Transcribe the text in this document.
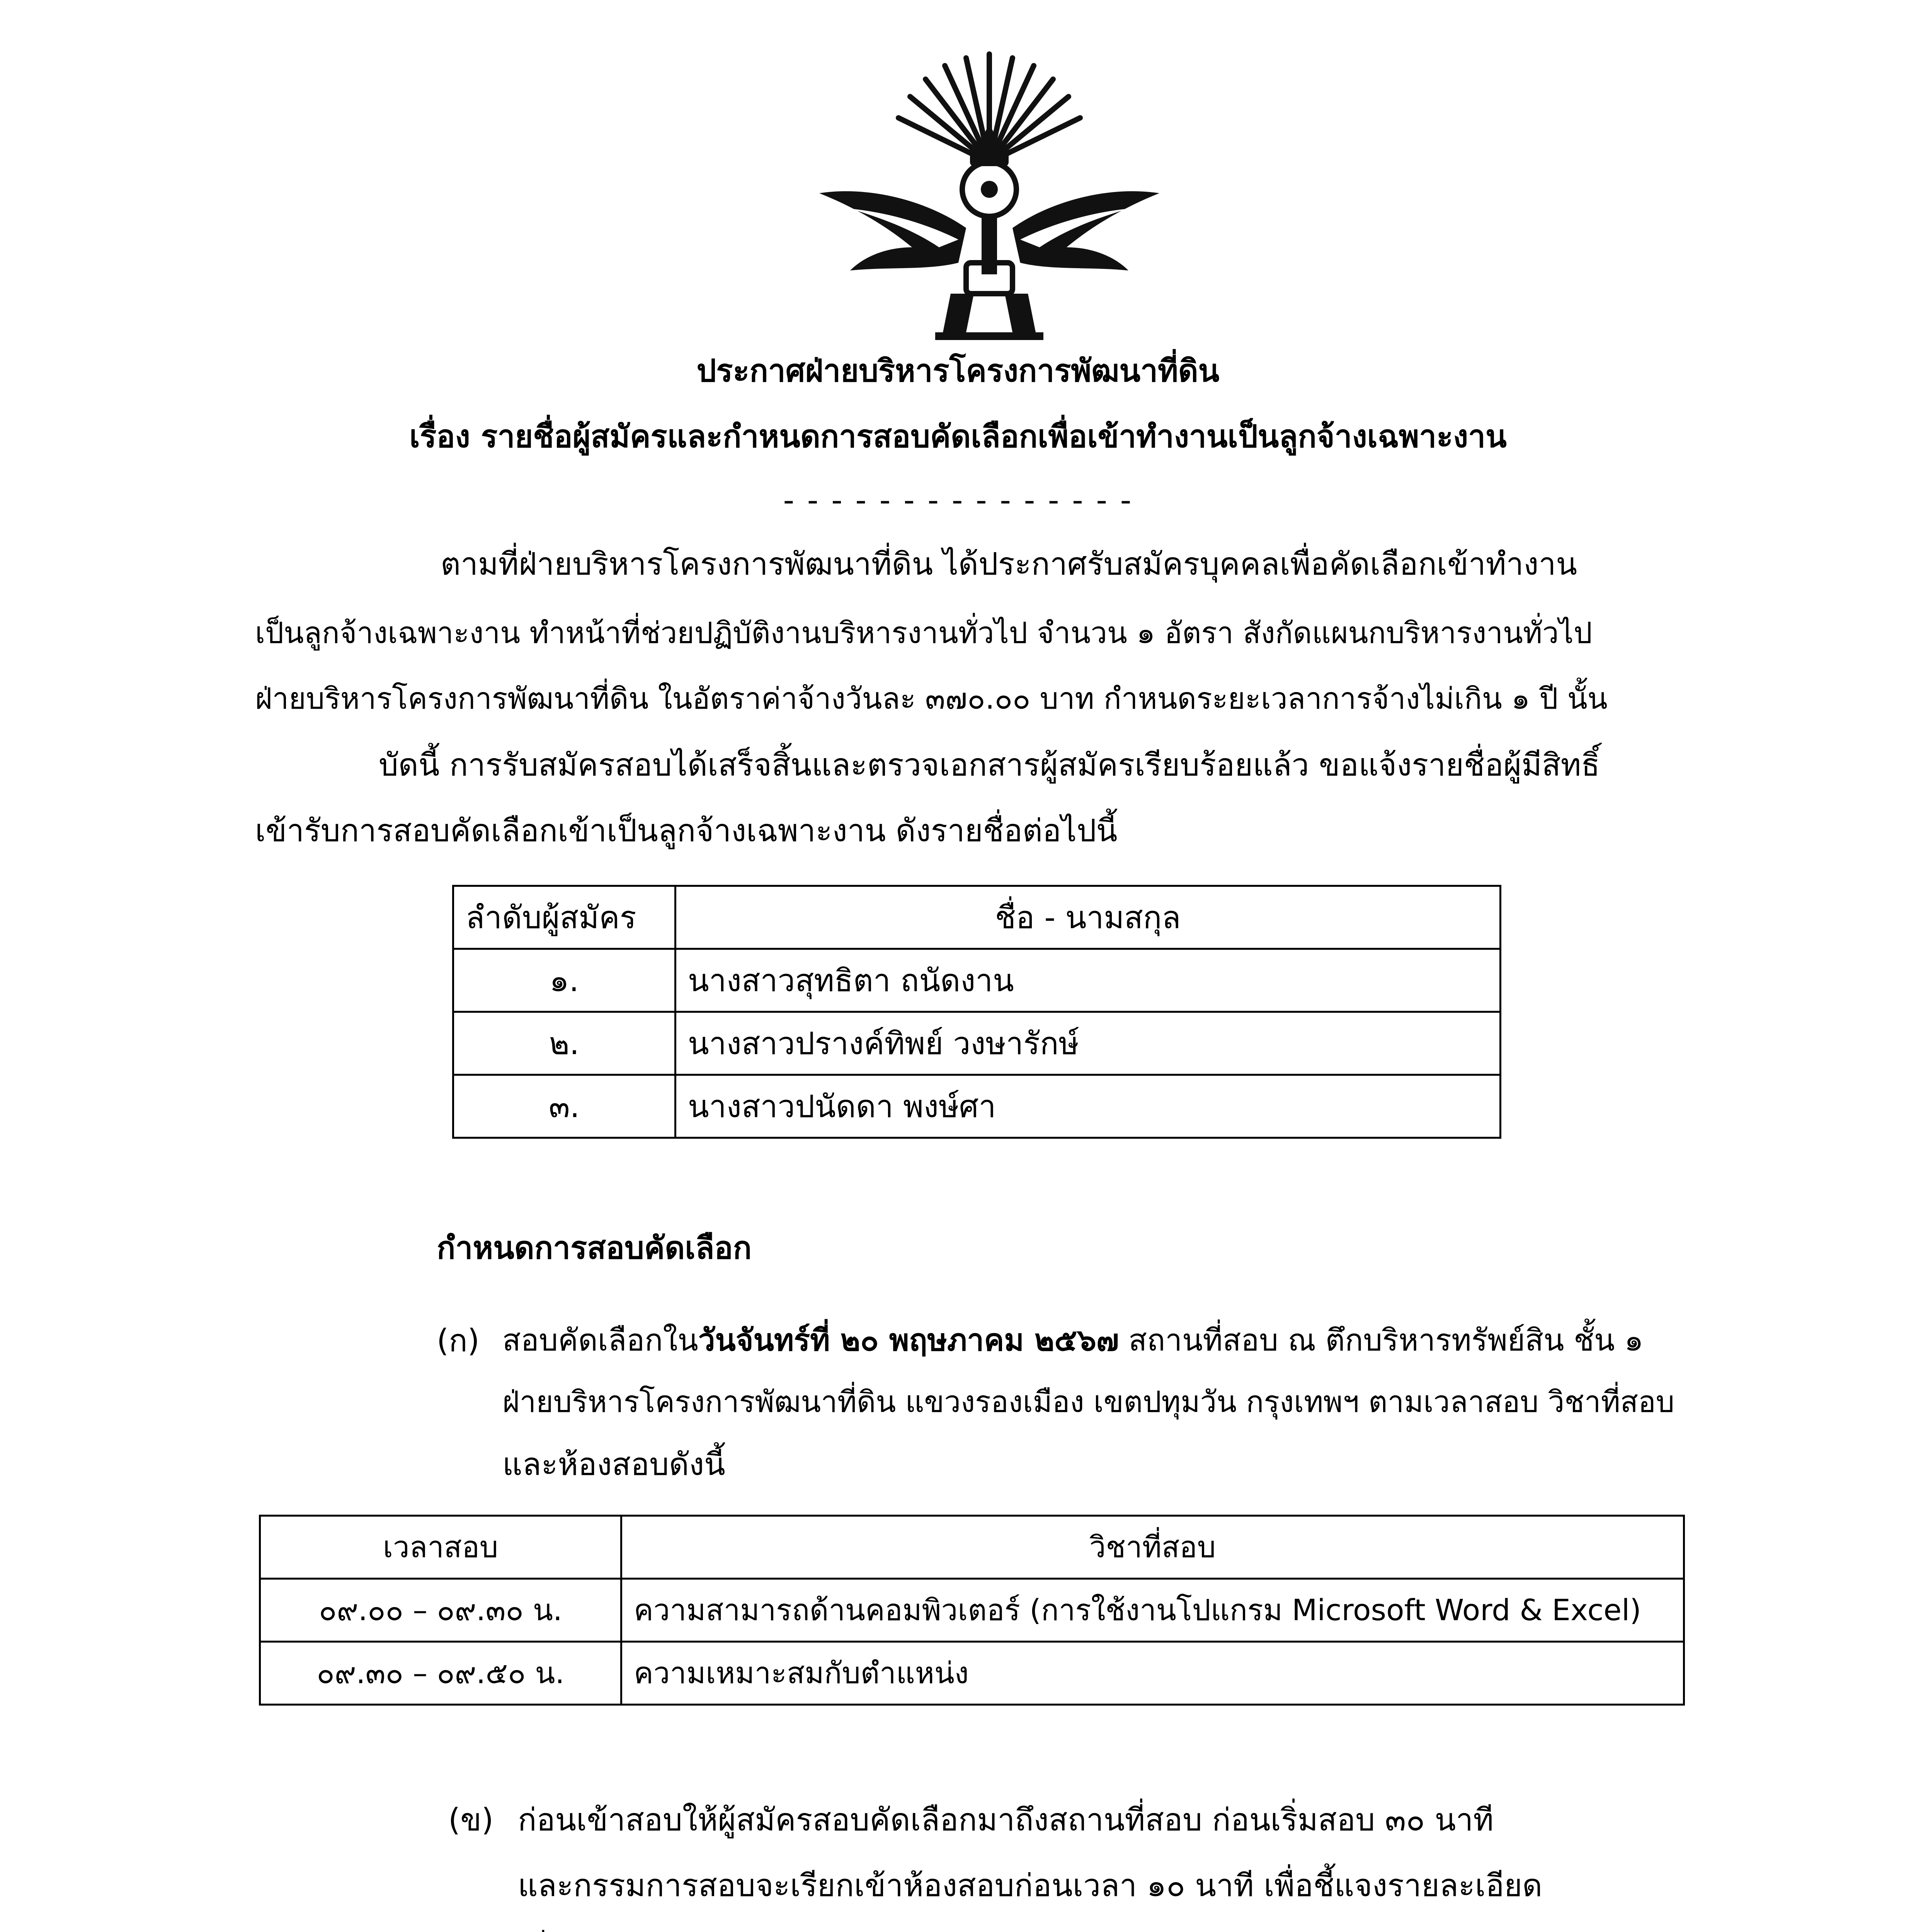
ประกาศฝ่ายบริหารโครงการพัฒนาที่ดิน
เรื่อง รายชื่อผู้สมัครและกำหนดการสอบคัดเลือกเพื่อเข้าทำงานเป็นลูกจ้างเฉพาะงาน
- - - - - - - - - - - - - - -
ตามที่ฝ่ายบริหารโครงการพัฒนาที่ดิน ได้ประกาศรับสมัครบุคคลเพื่อคัดเลือกเข้าทำงาน
เป็นลูกจ้างเฉพาะงาน ทำหน้าที่ช่วยปฏิบัติงานบริหารงานทั่วไป จำนวน ๑ อัตรา สังกัดแผนกบริหารงานทั่วไป
ฝ่ายบริหารโครงการพัฒนาที่ดิน ในอัตราค่าจ้างวันละ ๓๗๐.๐๐ บาท กำหนดระยะเวลาการจ้างไม่เกิน ๑ ปี นั้น
บัดนี้ การรับสมัครสอบได้เสร็จสิ้นและตรวจเอกสารผู้สมัครเรียบร้อยแล้ว ขอแจ้งรายชื่อผู้มีสิทธิ์
เข้ารับการสอบคัดเลือกเข้าเป็นลูกจ้างเฉพาะงาน ดังรายชื่อต่อไปนี้
ลำดับผู้สมัคร	ชื่อ - นามสกุล
๑.	นางสาวสุทธิตา ถนัดงาน
๒.	นางสาวปรางค์ทิพย์ วงษารักษ์
๓.	นางสาวปนัดดา พงษ์ศา
กำหนดการสอบคัดเลือก
(ก) สอบคัดเลือกในวันจันทร์ที่ ๒๐ พฤษภาคม ๒๕๖๗ สถานที่สอบ ณ ตึกบริหารทรัพย์สิน ชั้น ๑
ฝ่ายบริหารโครงการพัฒนาที่ดิน แขวงรองเมือง เขตปทุมวัน กรุงเทพฯ ตามเวลาสอบ วิชาที่สอบ
และห้องสอบดังนี้
เวลาสอบ	วิชาที่สอบ
๐๙.๐๐ – ๐๙.๓๐ น.	ความสามารถด้านคอมพิวเตอร์ (การใช้งานโปแกรม Microsoft Word & Excel)
๐๙.๓๐ – ๐๙.๕๐ น.	ความเหมาะสมกับตำแหน่ง
(ข) ก่อนเข้าสอบให้ผู้สมัครสอบคัดเลือกมาถึงสถานที่สอบ ก่อนเริ่มสอบ ๓๐ นาที
และกรรมการสอบจะเรียกเข้าห้องสอบก่อนเวลา ๑๐ นาที เพื่อชี้แจงรายละเอียด
